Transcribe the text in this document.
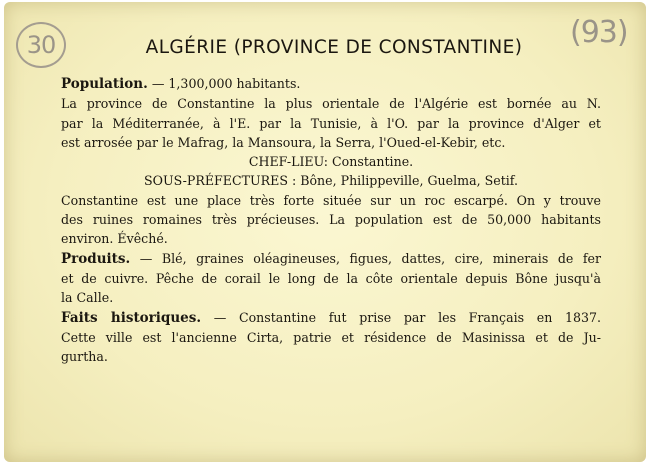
30	(93)
ALGÉRIE (PROVINCE DE CONSTANTINE)
Population. — 1,300,000 habitants.
La province de Constantine la plus orientale de l'Algérie est bornée au N.
par la Méditerranée, à l'E. par la Tunisie, à l'O. par la province d'Alger et
est arrosée par le Mafrag, la Mansoura, la Serra, l'Oued-el-Kebir, etc.
CHEF-LIEU: Constantine.
SOUS-PRÉFECTURES : Bône, Philippeville, Guelma, Setif.
Constantine est une place très forte située sur un roc escarpé. On y trouve
des ruines romaines très précieuses. La population est de 50,000 habitants
environ. Évêché.
Produits. — Blé, graines oléagineuses, figues, dattes, cire, minerais de fer
et de cuivre. Pêche de corail le long de la côte orientale depuis Bône jusqu'à
la Calle.
Faits historiques. — Constantine fut prise par les Français en 1837.
Cette ville est l'ancienne Cirta, patrie et résidence de Masinissa et de Ju-
gurtha.
